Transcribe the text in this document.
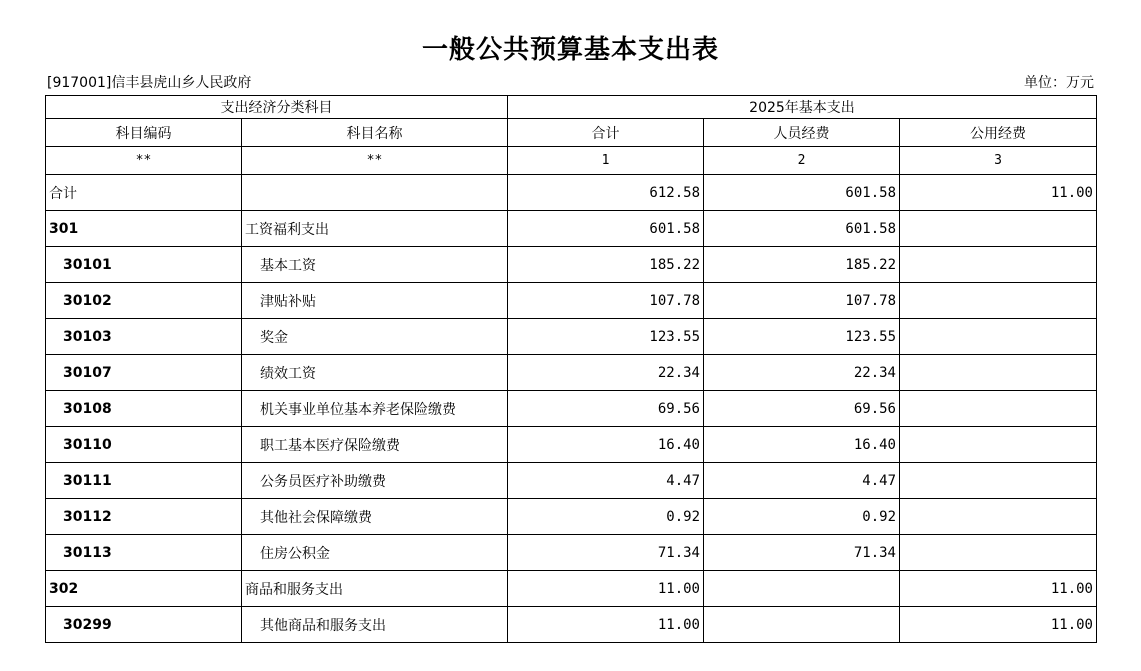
一般公共预算基本支出表
[917001]信丰县虎山乡人民政府	单位：万元
支出经济分类科目		2025年基本支出		
科目编码	科目名称	合计	人员经费	公用经费
**	**	1	2	3
合计		612.58	601.58	11.00
301	工资福利支出	601.58	601.58	
30101	基本工资	185.22	185.22	
30102	津贴补贴	107.78	107.78	
30103	奖金	123.55	123.55	
30107	绩效工资	22.34	22.34	
30108	机关事业单位基本养老保险缴费	69.56	69.56	
30110	职工基本医疗保险缴费	16.40	16.40	
30111	公务员医疗补助缴费	4.47	4.47	
30112	其他社会保障缴费	0.92	0.92	
30113	住房公积金	71.34	71.34	
302	商品和服务支出	11.00		11.00
30299	其他商品和服务支出	11.00		11.00
